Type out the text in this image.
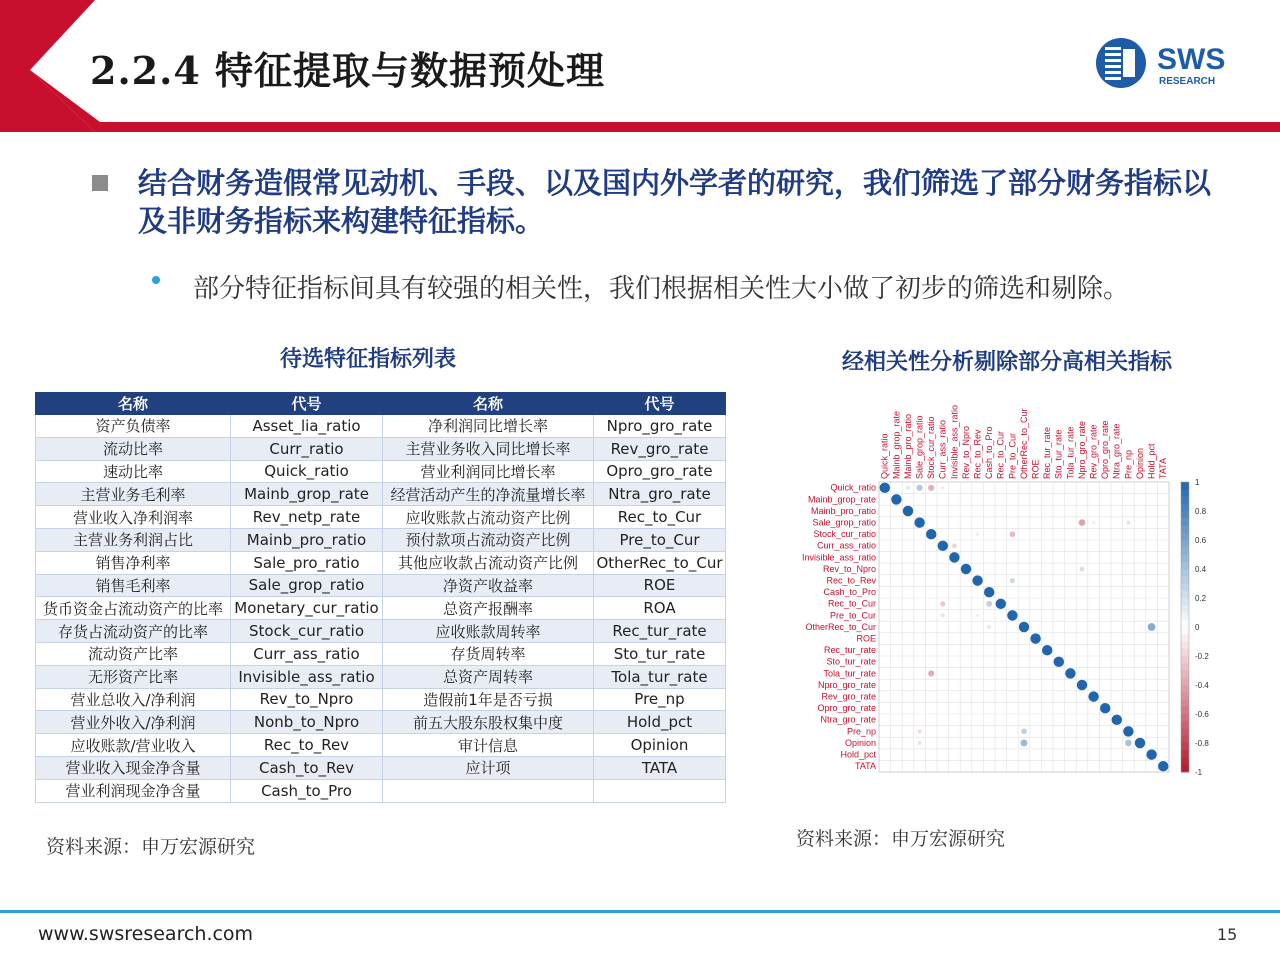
2.2.4 特征提取与数据预处理	SWS
RESEARCH
结合财务造假常见动机、手段、以及国内外学者的研究，我们筛选了部分财务指标以及非财务指标来构建特征指标。
部分特征指标间具有较强的相关性，我们根据相关性大小做了初步的筛选和剔除。
待选特征指标列表	经相关性分析剔除部分高相关指标
名称	代号	名称	代号
资产负债率	Asset_lia_ratio	净利润同比增长率	Npro_gro_rate
流动比率	Curr_ratio	主营业务收入同比增长率	Rev_gro_rate
速动比率	Quick_ratio	营业利润同比增长率	Opro_gro_rate
主营业务毛利率	Mainb_grop_rate	经营活动产生的净流量增长率	Ntra_gro_rate
营业收入净利润率	Rev_netp_rate	应收账款占流动资产比例	Rec_to_Cur
主营业务利润占比	Mainb_pro_ratio	预付款项占流动资产比例	Pre_to_Cur
销售净利率	Sale_pro_ratio	其他应收款占流动资产比例	OtherRec_to_Cur
销售毛利率	Sale_grop_ratio	净资产收益率	ROE
货币资金占流动资产的比率	Monetary_cur_ratio	总资产报酬率	ROA
存货占流动资产的比率	Stock_cur_ratio	应收账款周转率	Rec_tur_rate
流动资产比率	Curr_ass_ratio	存货周转率	Sto_tur_rate
无形资产比率	Invisible_ass_ratio	总资产周转率	Tola_tur_rate
营业总收入/净利润	Rev_to_Npro	造假前1年是否亏损	Pre_np
营业外收入/净利润	Nonb_to_Npro	前五大股东股权集中度	Hold_pct
应收账款/营业收入	Rec_to_Rev	审计信息	Opinion
营业收入现金净含量	Cash_to_Rev	应计项	TATA
营业利润现金净含量	Cash_to_Pro		
资料来源：申万宏源研究
Quick_ratio
Quick_ratio
Mainb_grop_rate
Mainb_grop_rate
Mainb_pro_ratio
Mainb_pro_ratio
Sale_grop_ratio
Sale_grop_ratio
Stock_cur_ratio
Stock_cur_ratio
Curr_ass_ratio
Curr_ass_ratio
Invisible_ass_ratio
Invisible_ass_ratio
Rev_to_Npro
Rev_to_Npro
Rec_to_Rev
Rec_to_Rev
Cash_to_Pro
Cash_to_Pro
Rec_to_Cur
Rec_to_Cur
Pre_to_Cur
Pre_to_Cur
OtherRec_to_Cur
OtherRec_to_Cur
ROE
ROE
Rec_tur_rate
Rec_tur_rate
Sto_tur_rate
Sto_tur_rate
Tola_tur_rate
Tola_tur_rate
Npro_gro_rate
Npro_gro_rate
Rev_gro_rate
Rev_gro_rate
Opro_gro_rate
Opro_gro_rate
Ntra_gro_rate
Ntra_gro_rate
Pre_np
Pre_np
Opinion
Opinion
Hold_pct
Hold_pct
TATA
TATA
1
0.8
0.6
0.4
0.2
0
-0.2
-0.4
-0.6
-0.8
-1
资料来源：申万宏源研究
www.swsresearch.com	15
